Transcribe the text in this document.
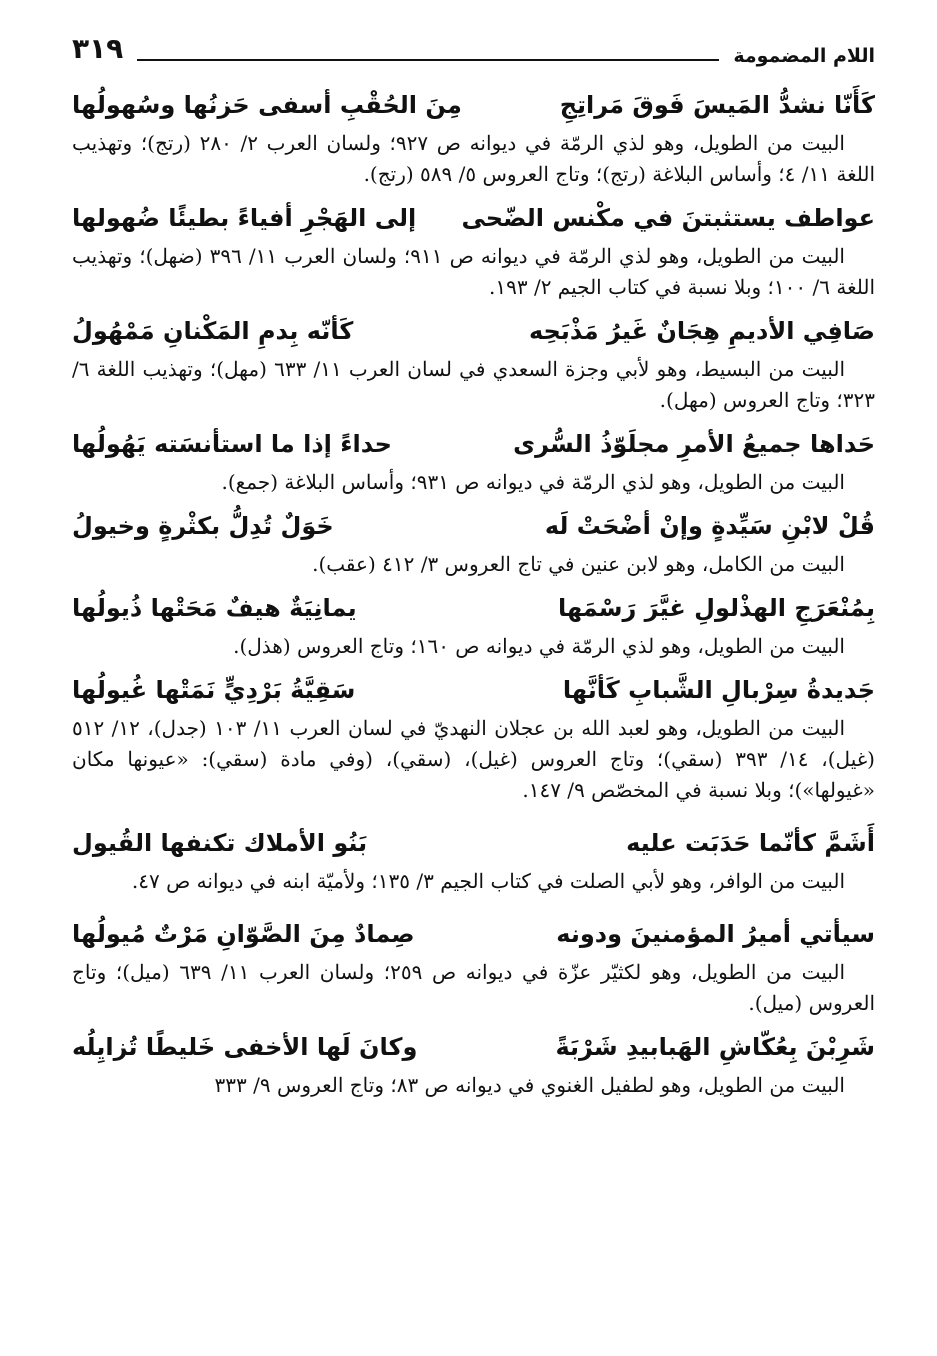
اللام المضمومة
٣١٩
كَأَنّا نشدُّ المَيسَ فَوقَ مَراتِجِ
مِنَ الحُقْبِ أسفى حَزنُها وسُهولُها

البيت من الطويل، وهو لذي الرمّة في ديوانه ص ٩٢٧؛ ولسان العرب ٢/ ٢٨٠ (رتج)؛ وتهذيب اللغة ١١/ ٤؛ وأساس البلاغة (رتج)؛ وتاج العروس ٥/ ٥٨٩ (رتج).

عواطف يستثبتنَ في مكْنس الضّحى
إلى الهَجْرِ أفياءً بطيئًا ضُهولها

البيت من الطويل، وهو لذي الرمّة في ديوانه ص ٩١١؛ ولسان العرب ١١/ ٣٩٦ (ضهل)؛ وتهذيب اللغة ٦/ ١٠٠؛ وبلا نسبة في كتاب الجيم ٢/ ١٩٣.

صَافِي الأديمِ هِجَانٌ غَيرُ مَذْبَحِه
كَأنّه بِدمِ المَكْنانِ مَمْهُولُ

البيت من البسيط، وهو لأبي وجزة السعدي في لسان العرب ١١/ ٦٣٣ (مهل)؛ وتهذيب اللغة ٦/ ٣٢٣؛ وتاج العروس (مهل).

حَداها جميعُ الأمرِ مجلَوّذُ السُّرى
حداءً إذا ما استأنسَته يَهُولُها

البيت من الطويل، وهو لذي الرمّة في ديوانه ص ٩٣١؛ وأساس البلاغة (جمع).

قُلْ لابْنِ سَيِّدةٍ وإنْ أضْحَتْ لَه
خَوَلٌ تُدِلُّ بكثْرةٍ وخيولُ

البيت من الكامل، وهو لابن عنين في تاج العروس ٣/ ٤١٢ (عقب).

بِمُنْعَرَجِ الهذْلولِ غيَّرَ رَسْمَها
يمانِيَةٌ هيفٌ مَحَتْها ذُيولُها

البيت من الطويل، وهو لذي الرمّة في ديوانه ص ١٦٠؛ وتاج العروس (هذل).

جَديدةُ سِرْبالِ الشَّبابِ كَأنَّها
سَقِيَّةُ بَرْدِيٍّ نَمَتْها غُيولُها

البيت من الطويل، وهو لعبد الله بن عجلان النهديّ في لسان العرب ١١/ ١٠٣ (جدل)، ١٢/ ٥١٢ (غيل)، ١٤/ ٣٩٣ (سقي)؛ وتاج العروس (غيل)، (سقي)، (وفي مادة (سقي): «عيونها مكان «غيولها»)؛ وبلا نسبة في المخصّص ٩/ ١٤٧.

أَشَمَّ كأنّما حَدَبَت عليه
بَنُو الأملاك تكنفها القُيول

البيت من الوافر، وهو لأبي الصلت في كتاب الجيم ٣/ ١٣٥؛ ولأميّة ابنه في ديوانه ص ٤٧.

سيأتي أميرُ المؤمنينَ ودونه
صِمادٌ مِنَ الصَّوّانِ مَرْتٌ مُيولُها

البيت من الطويل، وهو لكثيّر عزّة في ديوانه ص ٢٥٩؛ ولسان العرب ١١/ ٦٣٩ (ميل)؛ وتاج العروس (ميل).

شَرِبْنَ بِعُكّاشِ الهَبابيدِ شَرْبَةً
وكانَ لَها الأخفى خَليطًا تُزايِلُه

البيت من الطويل، وهو لطفيل الغنوي في ديوانه ص ٨٣؛ وتاج العروس ٩/ ٣٣٣
